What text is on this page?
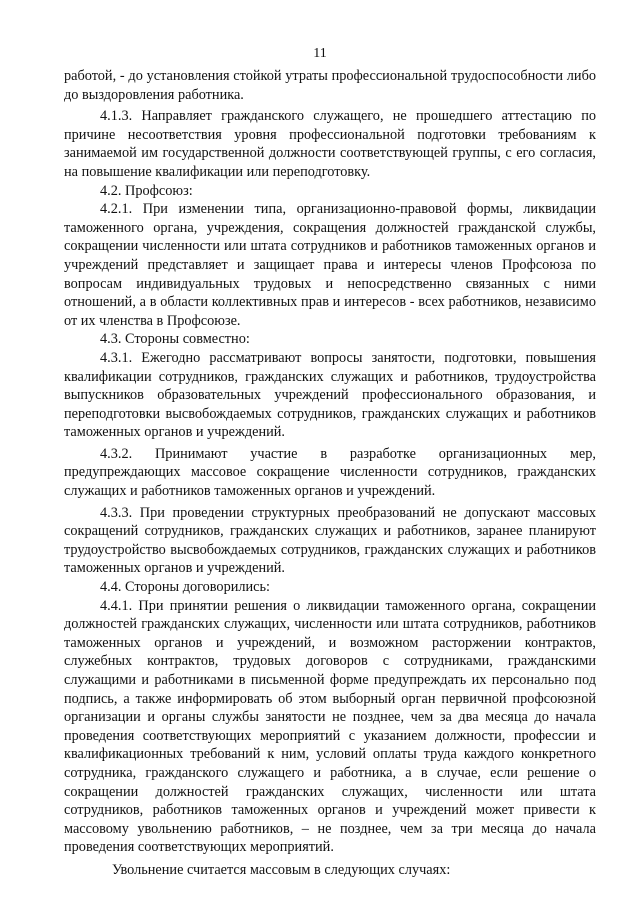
11

работой, - до установления стойкой утраты профессиональной трудоспособности либо до выздоровления работника.

4.1.3. Направляет гражданского служащего, не прошедшего аттестацию по причине несоответствия уровня профессиональной подготовки требованиям к занимаемой им государственной должности соответствующей группы, с его согласия, на повышение квалификации или переподготовку.

4.2. Профсоюз:

4.2.1. При изменении типа, организационно-правовой формы, ликвидации таможенного органа, учреждения, сокращения должностей гражданской службы, сокращении численности или штата сотрудников и работников таможенных органов и учреждений представляет и защищает права и интересы членов Профсоюза по вопросам индивидуальных трудовых и непосредственно связанных с ними отношений, а в области коллективных прав и интересов - всех работников, независимо от их членства в Профсоюзе.

4.3. Стороны совместно:

4.3.1. Ежегодно рассматривают вопросы занятости, подготовки, повышения квалификации сотрудников, гражданских служащих и работников, трудоустройства выпускников образовательных учреждений профессионального образования, и переподготовки высвобождаемых сотрудников, гражданских служащих и работников таможенных органов и учреждений.

4.3.2. Принимают участие в разработке организационных мер, предупреждающих массовое сокращение численности сотрудников, гражданских служащих и работников таможенных органов и учреждений.

4.3.3. При проведении структурных преобразований не допускают массовых сокращений сотрудников, гражданских служащих и работников, заранее планируют трудоустройство высвобождаемых сотрудников, гражданских служащих и работников таможенных органов и учреждений.

4.4. Стороны договорились:

4.4.1. При принятии решения о ликвидации таможенного органа, сокращении должностей гражданских служащих, численности или штата сотрудников, работников таможенных органов и учреждений, и возможном расторжении контрактов, служебных контрактов, трудовых договоров с сотрудниками, гражданскими служащими и работниками в письменной форме предупреждать их персонально под подпись, а также информировать об этом выборный орган первичной профсоюзной организации и органы службы занятости не позднее, чем за два месяца до начала проведения соответствующих мероприятий с указанием должности, профессии и квалификационных требований к ним, условий оплаты труда каждого конкретного сотрудника, гражданского служащего и работника, а в случае, если решение о сокращении должностей гражданских служащих, численности или штата сотрудников, работников таможенных органов и учреждений может привести к массовому увольнению работников, – не позднее, чем за три месяца до начала проведения соответствующих мероприятий.

Увольнение считается массовым в следующих случаях:
